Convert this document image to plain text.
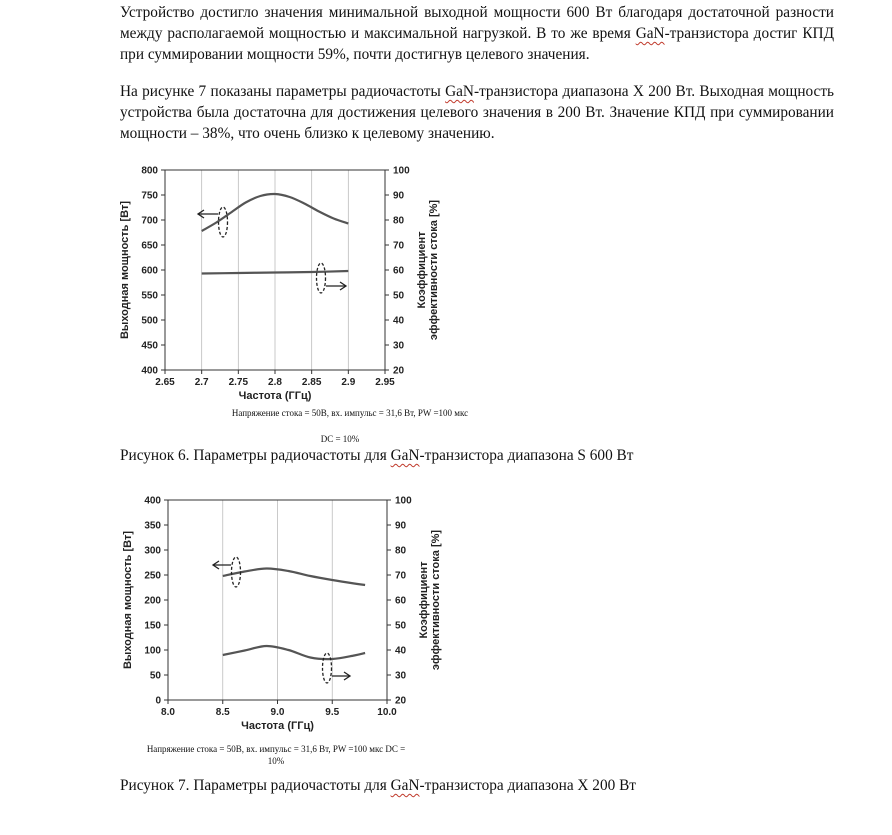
Устройство достигло значения минимальной выходной мощности 600 Вт благодаря достаточной разности между располагаемой мощностью и максимальной нагрузкой. В то же время GaN-транзистора достиг КПД при суммировании мощности 59%, почти достигнув целевого значения.
На рисунке 7 показаны параметры радиочастоты GaN-транзистора диапазона X 200 Вт. Выходная мощность устройства была достаточна для достижения целевого значения в 200 Вт. Значение КПД при суммировании мощности – 38%, что очень близко к целевому значению.
2.65 2.7 2.75 2.8 2.85 2.9 2.95
400
450
500
550
600
650
700
750
800
20
30
40
50
60
70
80
90
100
Частота (ГГц)
Выходная мощность [Вт]	Коэффициент эффективности стока [%]
8.0	8.5	9.0	9.5	10.0
0
50
100
150
200
250
300
350
400
20
30
40
50
60
70
80
90
100
Частота (ГГц)
Выходная мощность [Вт]	Коэффициент эффективности стока [%]
Напряжение стока = 50В, вх. импульс = 31,6 Вт, PW =100 мкс
DC = 10%
Рисунок 6. Параметры радиочастоты для GaN-транзистора диапазона S 600 Вт
Напряжение стока = 50В, вх. импульс = 31,6 Вт, PW =100 мкс DC = 10%
Рисунок 7. Параметры радиочастоты для GaN-транзистора диапазона X 200 Вт
